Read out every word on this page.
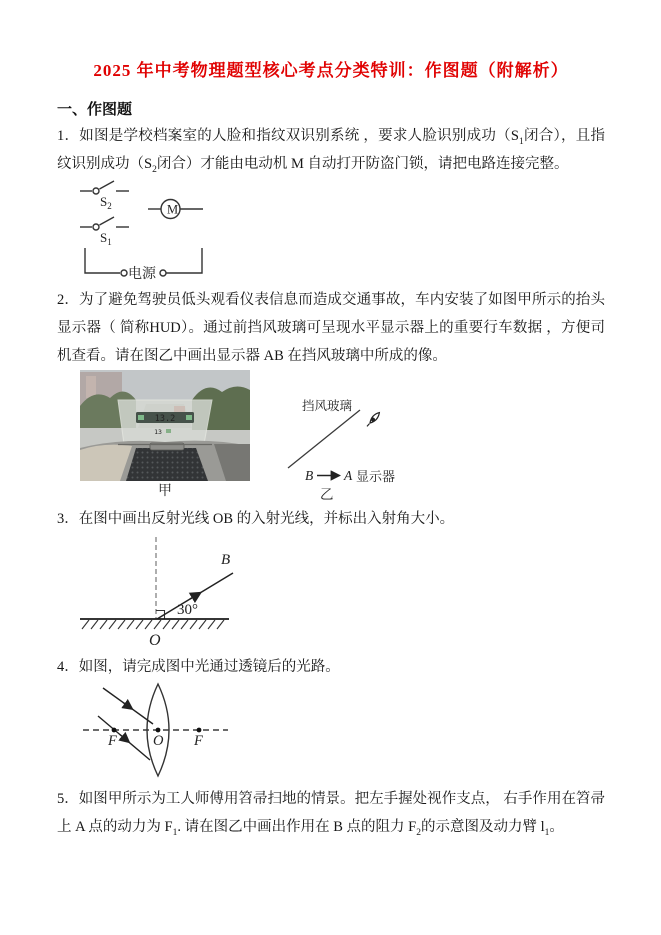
2025 年中考物理题型核心考点分类特训：作图题（附解析）
一、作图题

1．如图是学校档案室的人脸和指纹双识别系统 ，要求人脸识别成功（$S_1$闭合），且指纹识别成功（$S_2$闭合）才能由电动机 M 自动打开防盗门锁，请把电路连接完整。

$S_2$	M
$S_1$
电源

2．为了避免驾驶员低头观看仪表信息而造成交通事故，车内安装了如图甲所示的抬头显示器（ 简称HUD）。通过前挡风玻璃可呈现水平显示器上的重要行车数据 ，方便司机查看。请在图乙中画出显示器 AB 在挡风玻璃中所成的像。

13.2
13
甲
挡风玻璃
B A 显示器
乙

3．在图中画出反射光线 OB 的入射光线，并标出入射角大小。

B
30°
O

4．如图，请完成图中光通过透镜后的光路。

F O F

5．如图甲所示为工人师傅用笤帚扫地的情景。把左手握处视作支点， 右手作用在笤帚上 A 点的动力为 $F_1$. 请在图乙中画出作用在 B 点的阻力 $F_2$的示意图及动力臂 $l_1$。
